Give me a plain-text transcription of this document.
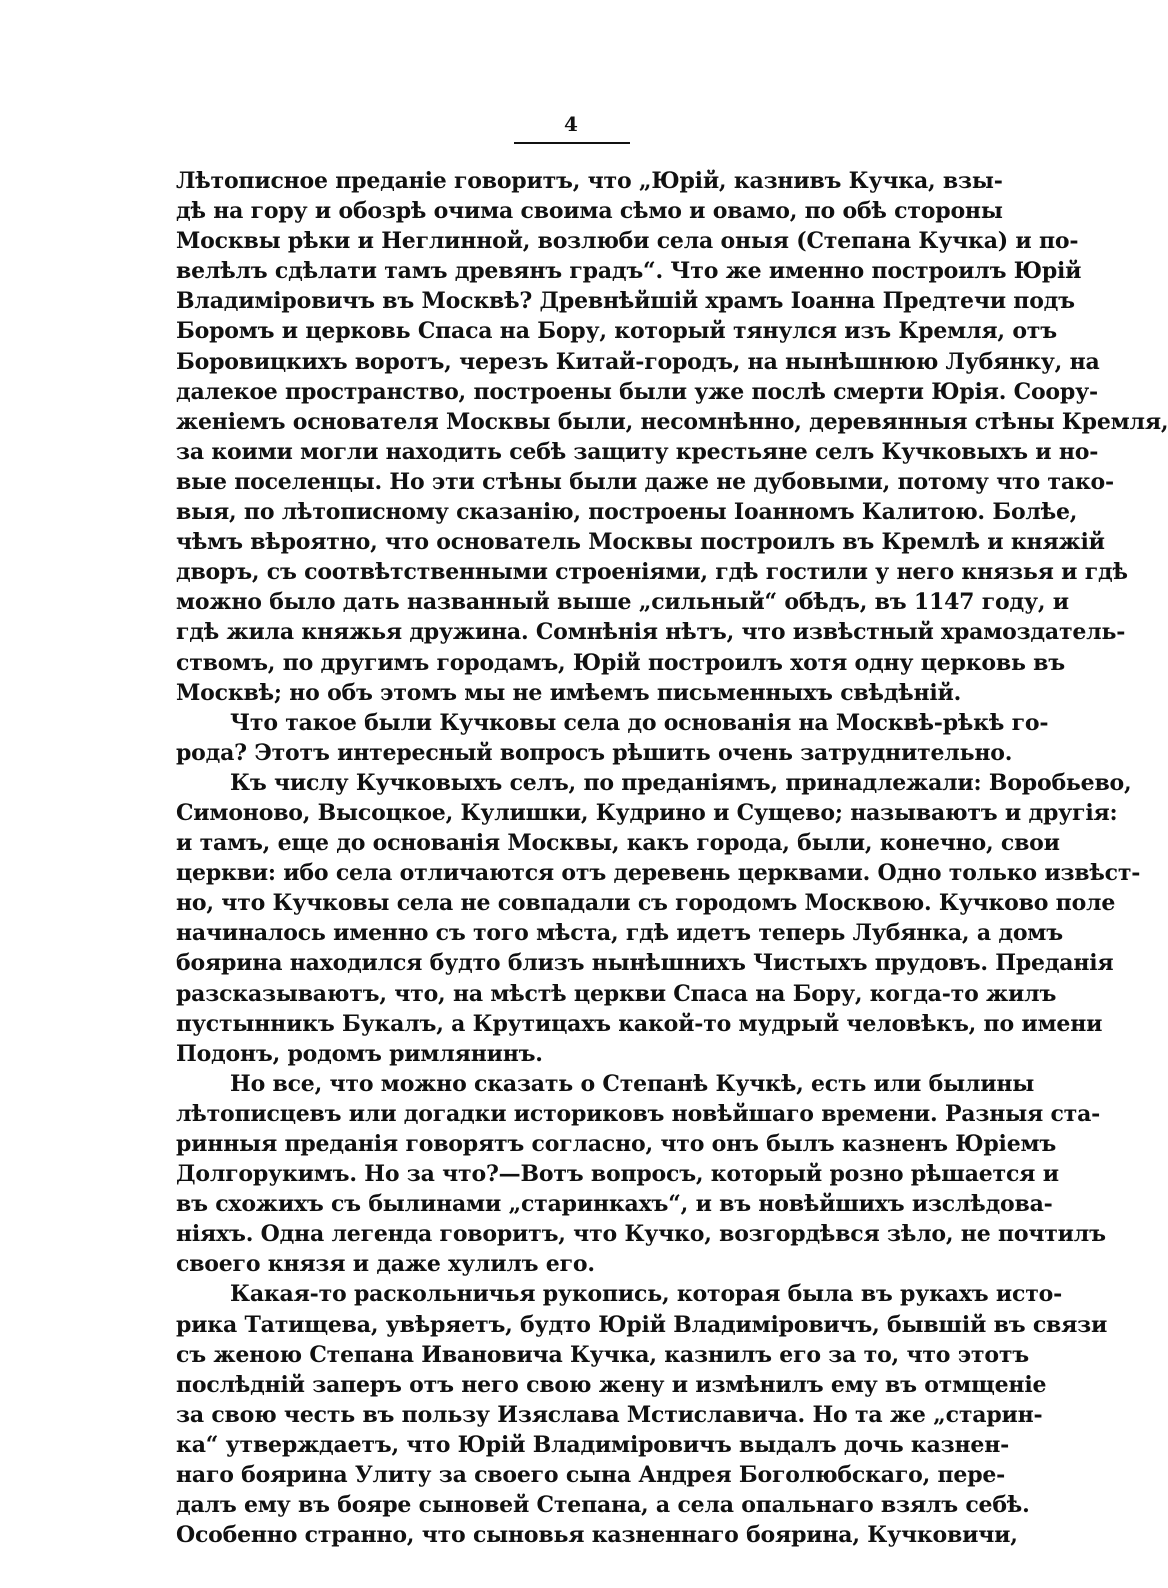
4
Лѣтописное преданіе говоритъ, что „Юрій, казнивъ Кучка, взы-
дѣ на гору и обозрѣ очима своима сѣмо и овамо, по обѣ стороны
Москвы рѣки и Неглинной, возлюби села оныя (Степана Кучка) и по-
велѣлъ сдѣлати тамъ древянъ градъ“. Что же именно построилъ Юрій
Владиміровичъ въ Москвѣ? Древнѣйшій храмъ Іоанна Предтечи подъ
Боромъ и церковь Спаса на Бору, который тянулся изъ Кремля, отъ
Боровицкихъ воротъ, черезъ Китай-городъ, на нынѣшнюю Лубянку, на
далекое пространство, построены были уже послѣ смерти Юрія. Соору-
женіемъ основателя Москвы были, несомнѣнно, деревянныя стѣны Кремля,
за коими могли находить себѣ защиту крестьяне селъ Кучковыхъ и но-
вые поселенцы. Но эти стѣны были даже не дубовыми, потому что тако-
выя, по лѣтописному сказанію, построены Іоанномъ Калитою. Болѣе,
чѣмъ вѣроятно, что основатель Москвы построилъ въ Кремлѣ и княжій
дворъ, съ соотвѣтственными строеніями, гдѣ гостили у него князья и гдѣ
можно было дать названный выше „сильный“ обѣдъ, въ 1147 году, и
гдѣ жила княжья дружина. Сомнѣнія нѣтъ, что извѣстный храмоздатель-
ствомъ, по другимъ городамъ, Юрій построилъ хотя одну церковь въ
Москвѣ; но объ этомъ мы не имѣемъ письменныхъ свѣдѣній.
Что такое были Кучковы села до основанія на Москвѣ-рѣкѣ го-
рода? Этотъ интересный вопросъ рѣшить очень затруднительно.
Къ числу Кучковыхъ селъ, по преданіямъ, принадлежали: Воробьево,
Симоново, Высоцкое, Кулишки, Кудрино и Сущево; называютъ и другія:
и тамъ, еще до основанія Москвы, какъ города, были, конечно, свои
церкви: ибо села отличаются отъ деревень церквами. Одно только извѣст-
но, что Кучковы села не совпадали съ городомъ Москвою. Кучково поле
начиналось именно съ того мѣста, гдѣ идетъ теперь Лубянка, а домъ
боярина находился будто близъ нынѣшнихъ Чистыхъ прудовъ. Преданія
разсказываютъ, что, на мѣстѣ церкви Спаса на Бору, когда-то жилъ
пустынникъ Букалъ, а Крутицахъ какой-то мудрый человѣкъ, по имени
Подонъ, родомъ римлянинъ.
Но все, что можно сказать о Степанѣ Кучкѣ, есть или былины
лѣтописцевъ или догадки историковъ новѣйшаго времени. Разныя ста-
ринныя преданія говорятъ согласно, что онъ былъ казненъ Юріемъ
Долгорукимъ. Но за что?—Вотъ вопросъ, который розно рѣшается и
въ схожихъ съ былинами „старинкахъ“, и въ новѣйшихъ изслѣдова-
ніяхъ. Одна легенда говоритъ, что Кучко, возгордѣвся зѣло, не почтилъ
своего князя и даже хулилъ его.
Какая-то раскольничья рукопись, которая была въ рукахъ исто-
рика Татищева, увѣряетъ, будто Юрій Владиміровичъ, бывшій въ связи
съ женою Степана Ивановича Кучка, казнилъ его за то, что этотъ
послѣдній заперъ отъ него свою жену и измѣнилъ ему въ отмщеніе
за свою честь въ пользу Изяслава Мстиславича. Но та же „старин-
ка“ утверждаетъ, что Юрій Владиміровичъ выдалъ дочь казнен-
наго боярина Улиту за своего сына Андрея Боголюбскаго, пере-
далъ ему въ бояре сыновей Степана, а села опальнаго взялъ себѣ.
Особенно странно, что сыновья казненнаго боярина, Кучковичи,
